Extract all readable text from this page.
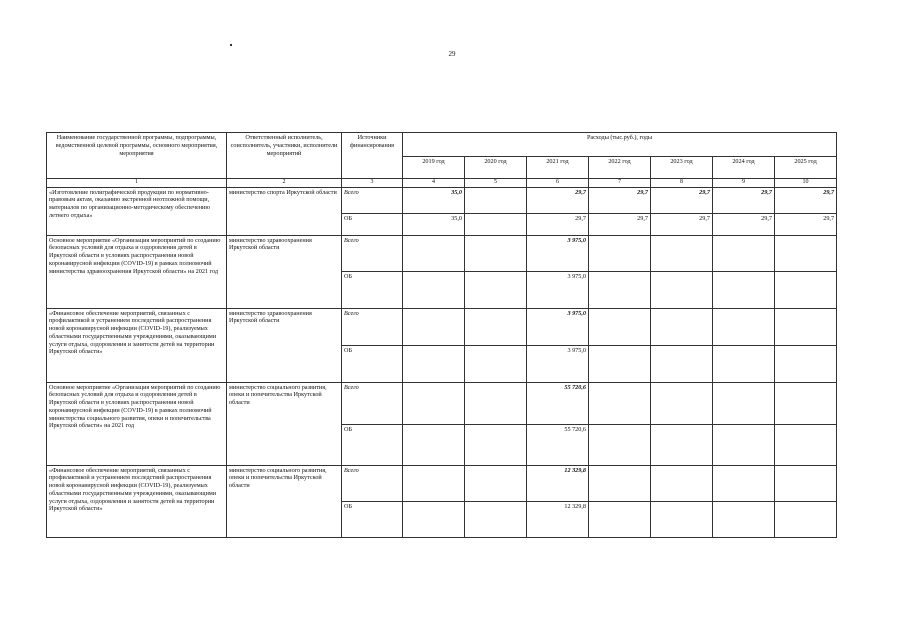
29
Наименование государственной программы, подпрограммы, ведомственной целевой программы, основного мероприятия, мероприятия	Ответственный исполнитель, соисполнитель, участники, исполнители мероприятий	Источники финансирования	Расходы (тыс.руб.), годы						
			2019 год	2020 год	2021 год	2022 год	2023 год	2024 год	2025 год
1	2	3	4	5	6	7	8	9	10
«Изготовление полиграфической продукции по нормативно-правовым актам, оказанию экстренной неотложной помощи, материалов по организационно-методическому обеспечению летнего отдыха»	министерство спорта Иркутской области	Всего	35,0		29,7	29,7	29,7	29,7	29,7
		ОБ	35,0		29,7	29,7	29,7	29,7	29,7
Основное мероприятие «Организация мероприятий по созданию безопасных условий для отдыха и оздоровления детей в Иркутской области в условиях распространения новой коронавирусной инфекции (COVID-19) в рамках полномочий министерства здравоохранения Иркутской области» на 2021 год	министерство здравоохранения Иркутской области	Всего			3 975,0				
		ОБ			3 975,0				
«Финансовое обеспечение мероприятий, связанных с профилактикой и устранением последствий распространения новой коронавирусной инфекции (COVID-19), реализуемых областными государственными учреждениями, оказывающими услуги отдыха, оздоровления и занятости детей на территории Иркутской области»	министерство здравоохранения Иркутской области	Всего			3 975,0				
		ОБ			3 975,0				
Основное мероприятие «Организация мероприятий по созданию безопасных условий для отдыха и оздоровления детей в Иркутской области в условиях распространения новой коронавирусной инфекции (COVID-19) в рамках полномочий министерства социального развития, опеки и попечительства Иркутской области» на 2021 год	министерство социального развития, опеки и попечительства Иркутской области	Всего			55 720,6				
		ОБ			55 720,6				
«Финансовое обеспечение мероприятий, связанных с профилактикой и устранением последствий распространения новой коронавирусной инфекции (COVID-19), реализуемых областными государственными учреждениями, оказывающими услуги отдыха, оздоровления и занятости детей на территории Иркутской области»	министерство социального развития, опеки и попечительства Иркутской области	Всего			12 329,8				
		ОБ			12 329,8				
